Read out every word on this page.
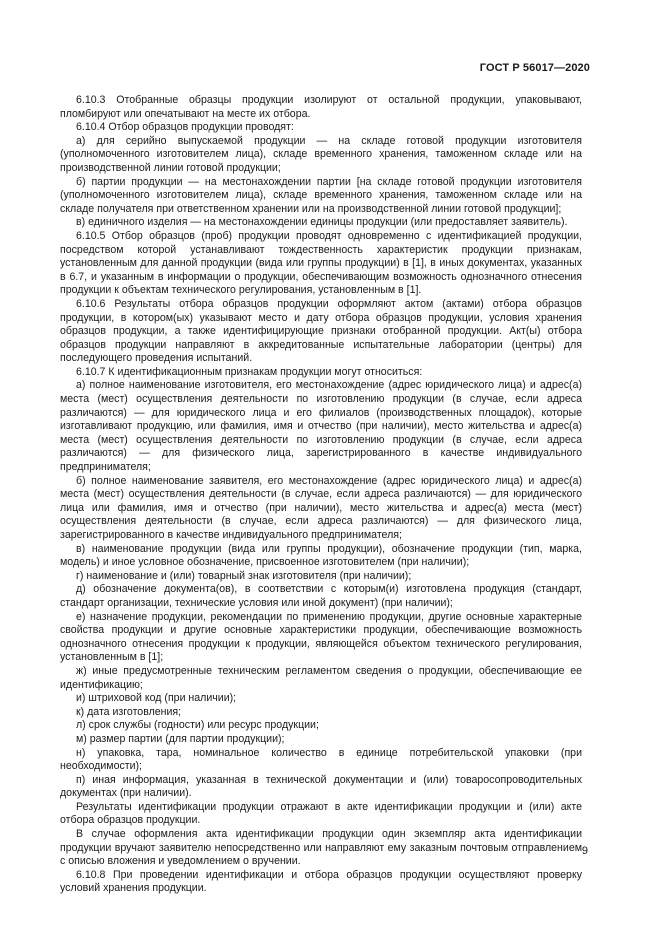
ГОСТ Р 56017—2020

6.10.3 Отобранные образцы продукции изолируют от остальной продукции, упаковывают, пломбируют или опечатывают на месте их отбора.

6.10.4 Отбор образцов продукции проводят:

а) для серийно выпускаемой продукции — на складе готовой продукции изготовителя (уполномоченного изготовителем лица), складе временного хранения, таможенном складе или на производственной линии готовой продукции;

б) партии продукции — на местонахождении партии [на складе готовой продукции изготовителя (уполномоченного изготовителем лица), складе временного хранения, таможенном складе или на складе получателя при ответственном хранении или на производственной линии готовой продукции];

в) единичного изделия — на местонахождении единицы продукции (или предоставляет заявитель).

6.10.5 Отбор образцов (проб) продукции проводят одновременно с идентификацией продукции, посредством которой устанавливают тождественность характеристик продукции признакам, установленным для данной продукции (вида или группы продукции) в [1], в иных документах, указанных в 6.7, и указанным в информации о продукции, обеспечивающим возможность однозначного отнесения продукции к объектам технического регулирования, установленным в [1].

6.10.6 Результаты отбора образцов продукции оформляют актом (актами) отбора образцов продукции, в котором(ых) указывают место и дату отбора образцов продукции, условия хранения образцов продукции, а также идентифицирующие признаки отобранной продукции. Акт(ы) отбора образцов продукции направляют в аккредитованные испытательные лаборатории (центры) для последующего проведения испытаний.

6.10.7 К идентификационным признакам продукции могут относиться:

а) полное наименование изготовителя, его местонахождение (адрес юридического лица) и адрес(а) места (мест) осуществления деятельности по изготовлению продукции (в случае, если адреса различаются) — для юридического лица и его филиалов (производственных площадок), которые изготавливают продукцию, или фамилия, имя и отчество (при наличии), место жительства и адрес(а) места (мест) осуществления деятельности по изготовлению продукции (в случае, если адреса различаются) — для физического лица, зарегистрированного в качестве индивидуального предпринимателя;

б) полное наименование заявителя, его местонахождение (адрес юридического лица) и адрес(а) места (мест) осуществления деятельности (в случае, если адреса различаются) — для юридического лица или фамилия, имя и отчество (при наличии), место жительства и адрес(а) места (мест) осуществления деятельности (в случае, если адреса различаются) — для физического лица, зарегистрированного в качестве индивидуального предпринимателя;

в) наименование продукции (вида или группы продукции), обозначение продукции (тип, марка, модель) и иное условное обозначение, присвоенное изготовителем (при наличии);

г) наименование и (или) товарный знак изготовителя (при наличии);

д) обозначение документа(ов), в соответствии с которым(и) изготовлена продукция (стандарт, стандарт организации, технические условия или иной документ) (при наличии);

е) назначение продукции, рекомендации по применению продукции, другие основные характерные свойства продукции и другие основные характеристики продукции, обеспечивающие возможность однозначного отнесения продукции к продукции, являющейся объектом технического регулирования, установленным в [1];

ж) иные предусмотренные техническим регламентом сведения о продукции, обеспечивающие ее идентификацию;

и) штриховой код (при наличии);

к) дата изготовления;

л) срок службы (годности) или ресурс продукции;

м) размер партии (для партии продукции);

н) упаковка, тара, номинальное количество в единице потребительской упаковки (при необходимости);

п) иная информация, указанная в технической документации и (или) товаросопроводительных документах (при наличии).

Результаты идентификации продукции отражают в акте идентификации продукции и (или) акте отбора образцов продукции.

В случае оформления акта идентификации продукции один экземпляр акта идентификации продукции вручают заявителю непосредственно или направляют ему заказным почтовым отправлением с описью вложения и уведомлением о вручении.

6.10.8 При проведении идентификации и отбора образцов продукции осуществляют проверку условий хранения продукции.

9
